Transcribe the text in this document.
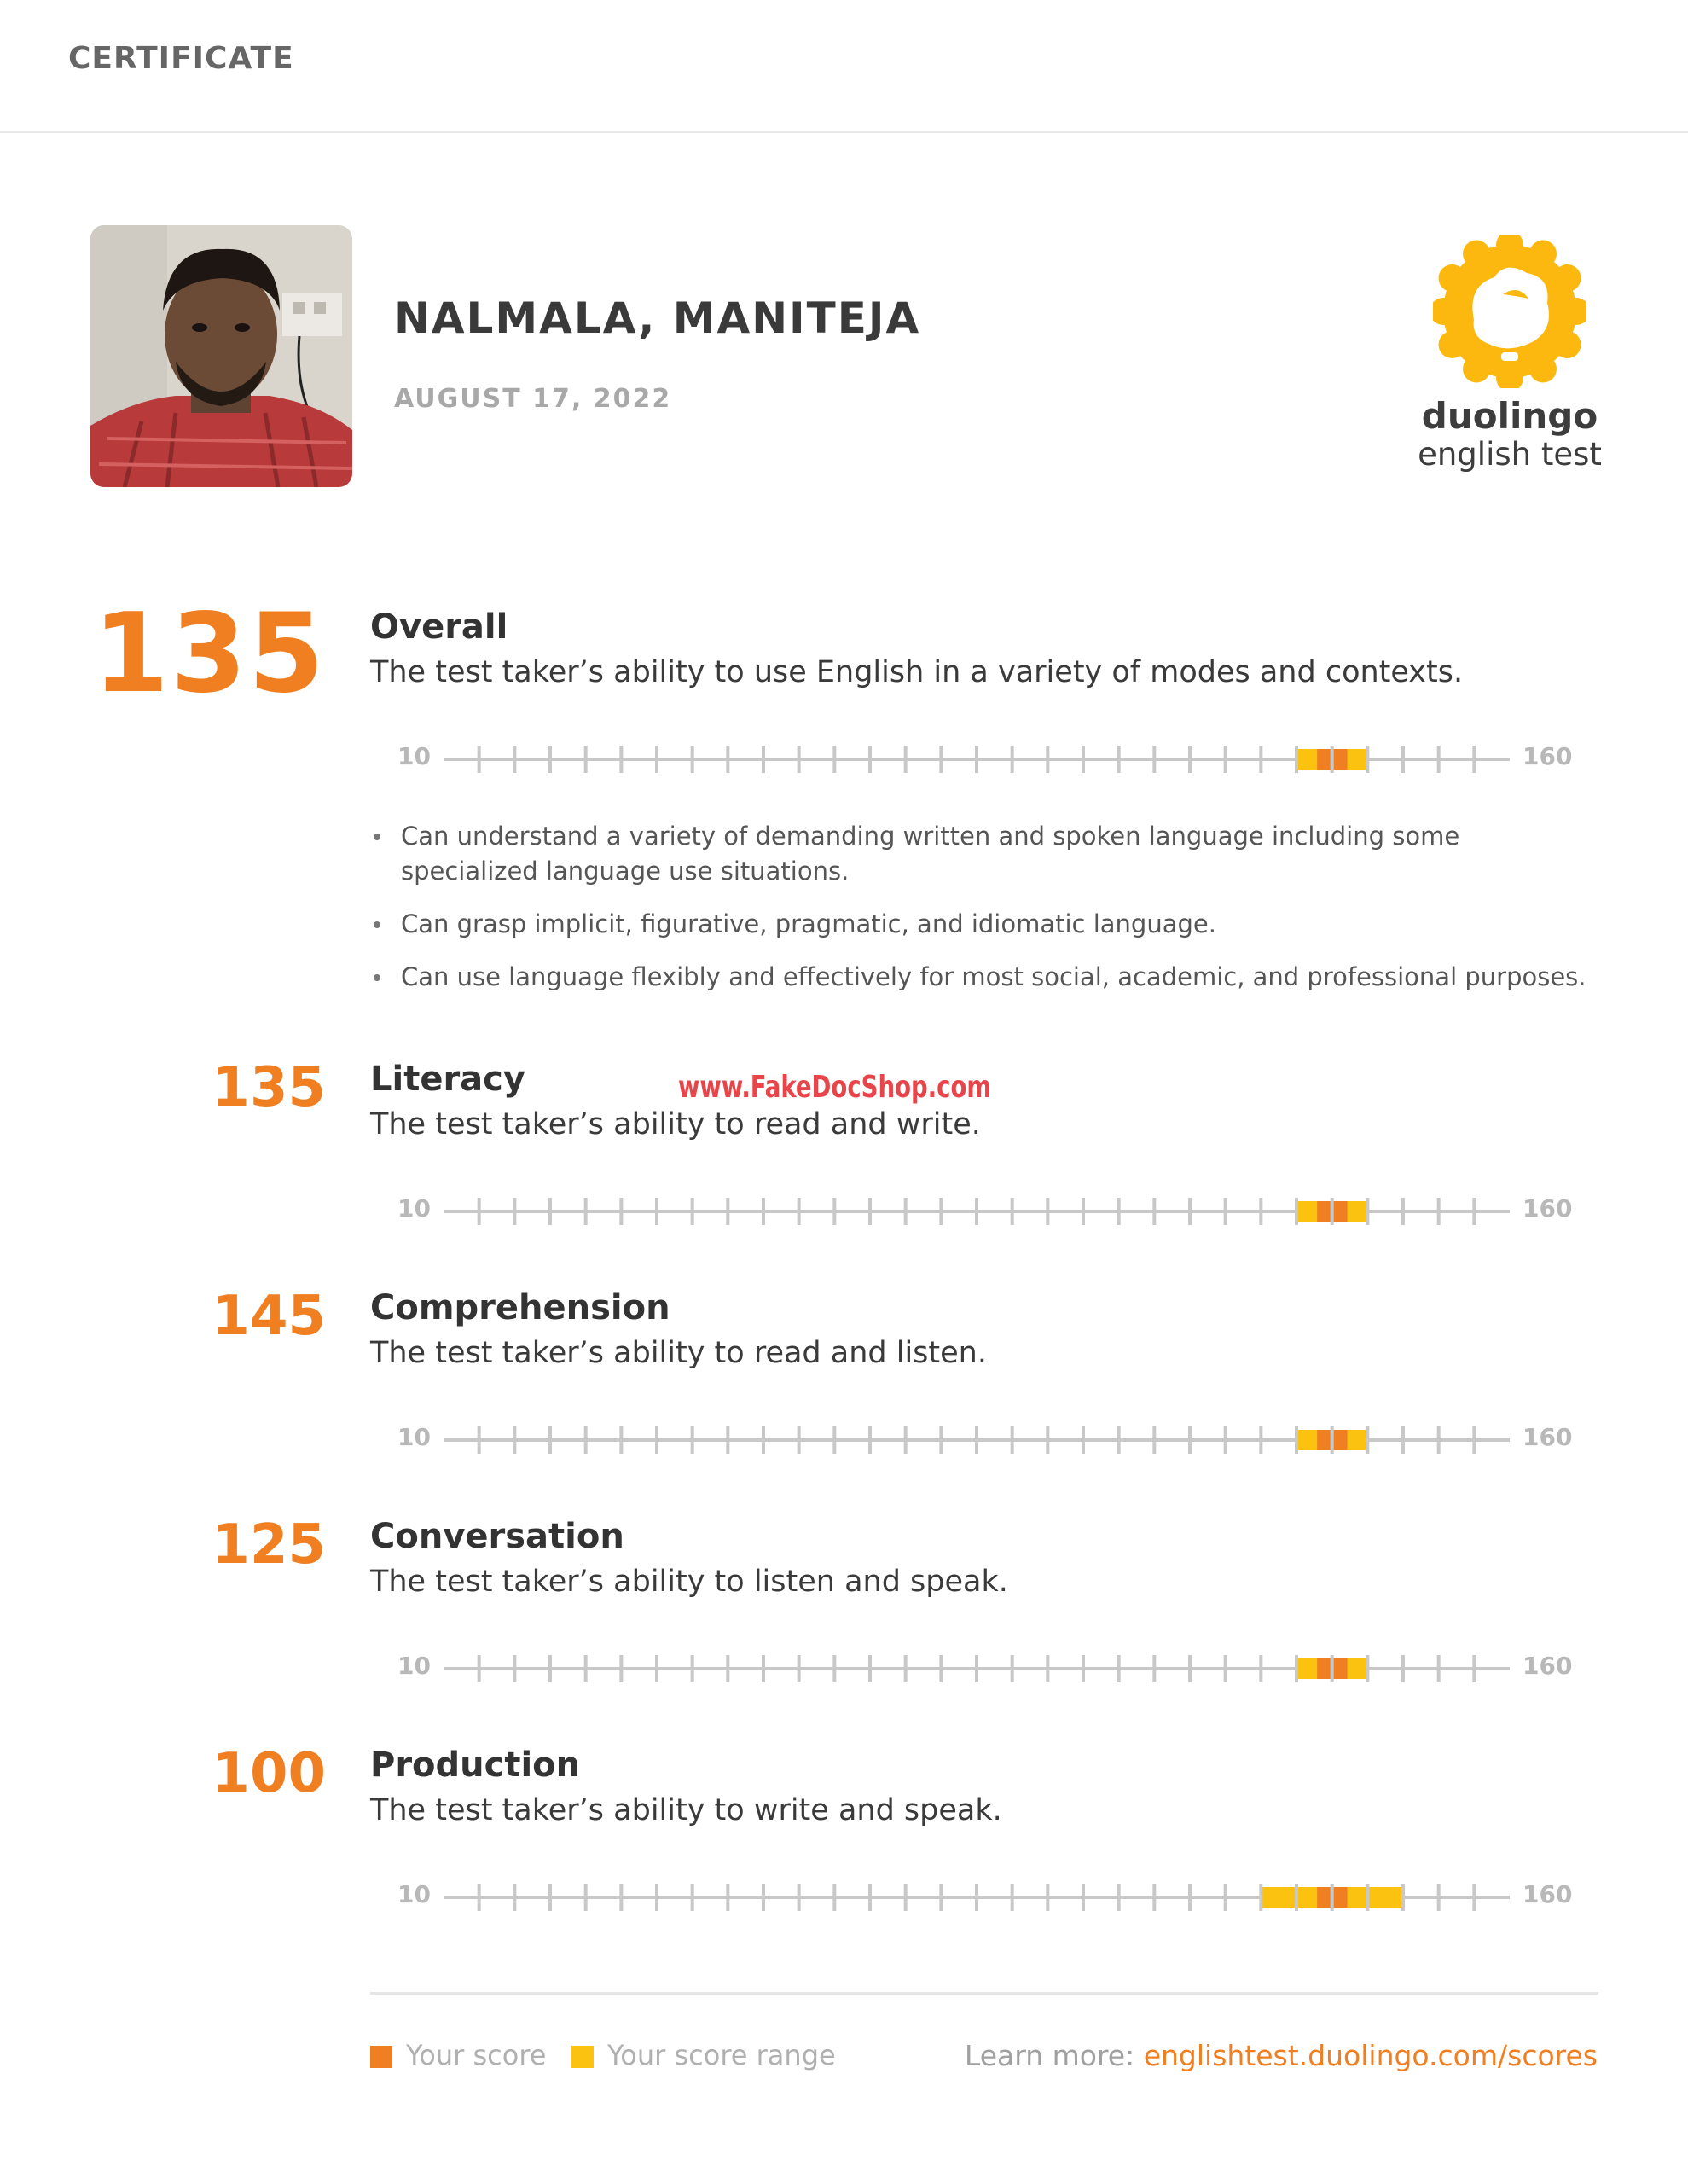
CERTIFICATE
NALMALA, MANITEJA
AUGUST 17, 2022	duolingo
english test
135 Overall
The test taker’s ability to use English in a variety of modes and contexts.
10	160
Can understand a variety of demanding written and spoken language including some specialized language use situations.
Can grasp implicit, figurative, pragmatic, and idiomatic language.
Can use language flexibly and effectively for most social, academic, and professional purposes.
135 Literacy
The test taker’s ability to read and write.
10	160
www.FakeDocShop.com
145 Comprehension
The test taker’s ability to read and listen.
10	160
125 Conversation
The test taker’s ability to listen and speak.
10	160
100 Production
The test taker’s ability to write and speak.
10	160
Your score Your score range	Learn more: englishtest.duolingo.com/scores
